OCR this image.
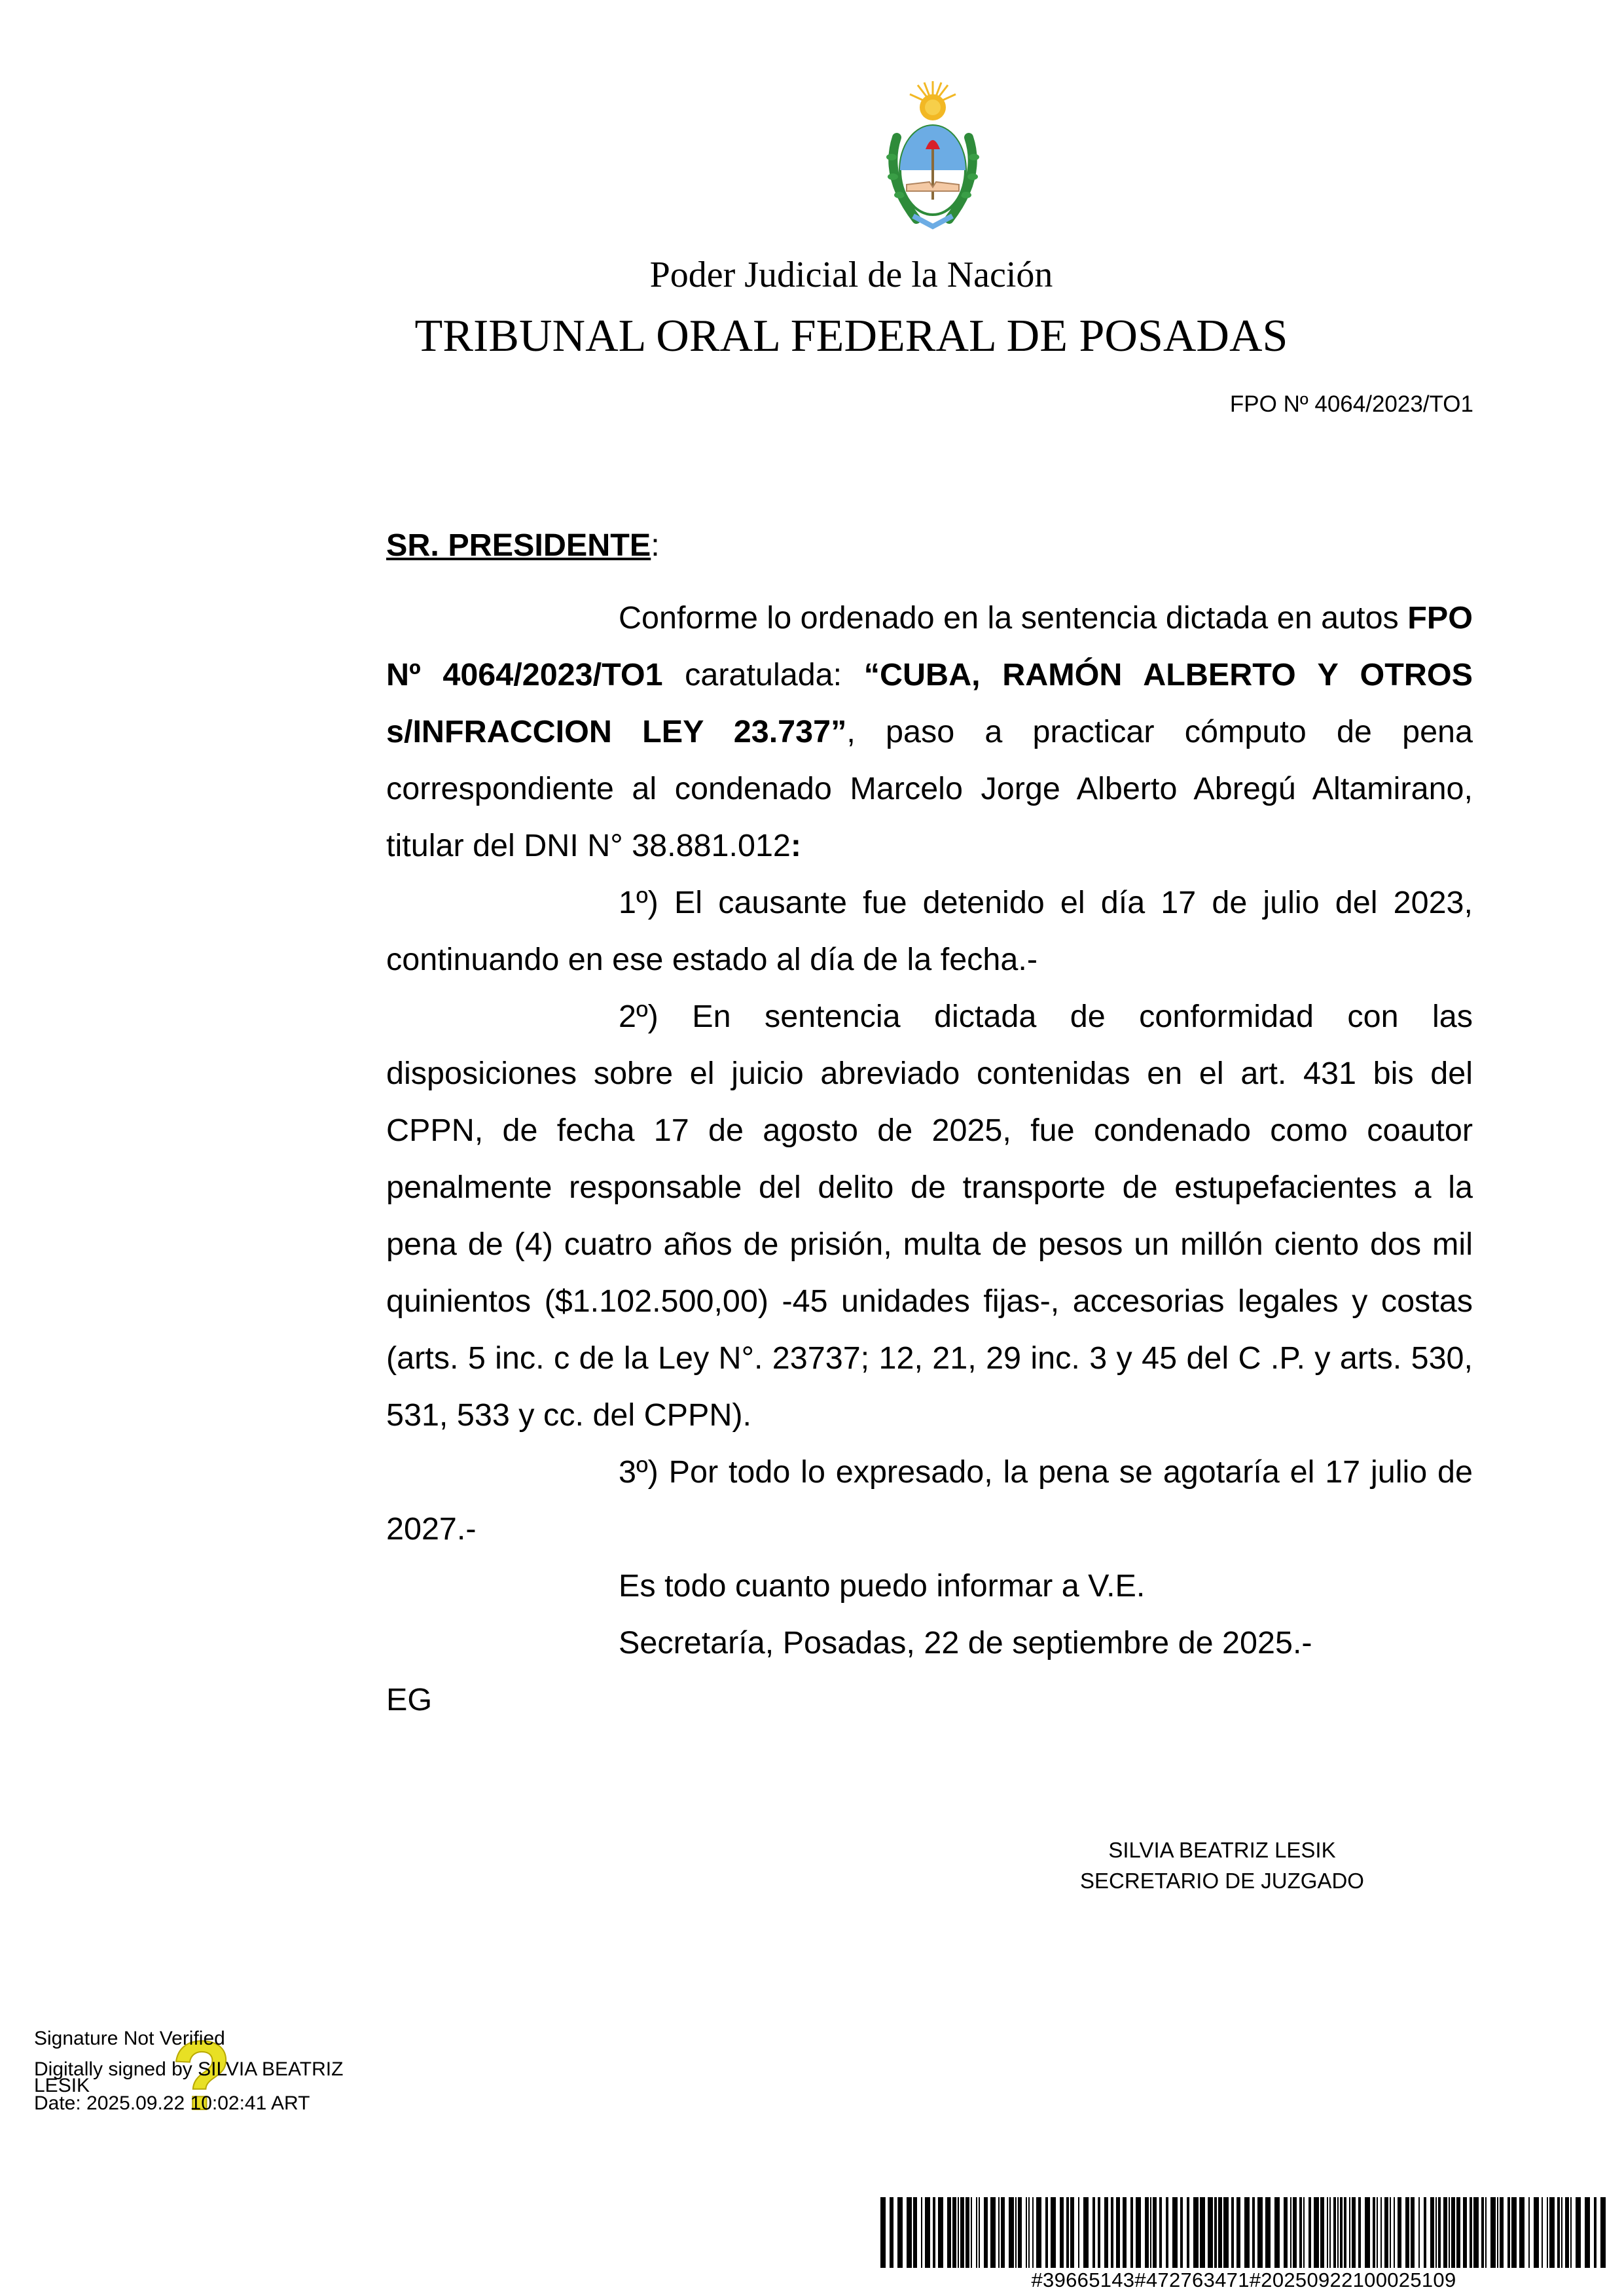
Poder Judicial de la Nación
TRIBUNAL ORAL FEDERAL DE POSADAS
FPO Nº 4064/2023/TO1

SR. PRESIDENTE:

Conforme lo ordenado en la sentencia dictada en autos FPO Nº 4064/2023/TO1 caratulada: “CUBA, RAMÓN ALBERTO Y OTROS s/INFRACCION LEY 23.737”, paso a practicar cómputo de pena correspondiente al condenado Marcelo Jorge Alberto Abregú Altamirano, titular del DNI N° 38.881.012:

1º) El causante fue detenido el día 17 de julio del 2023, continuando en ese estado al día de la fecha.-

2º) En sentencia dictada de conformidad con las disposiciones sobre el juicio abreviado contenidas en el art. 431 bis del CPPN, de fecha 17 de agosto de 2025, fue condenado como coautor penalmente responsable del delito de transporte de estupefacientes a la pena de (4) cuatro años de prisión, multa de pesos un millón ciento dos mil quinientos ($1.102.500,00) -45 unidades fijas-, accesorias legales y costas (arts. 5 inc. c de la Ley N°. 23737; 12, 21, 29 inc. 3 y 45 del C .P. y arts. 530, 531, 533 y cc. del CPPN).

3º) Por todo lo expresado, la pena se agotaría el 17 julio de 2027.-

Es todo cuanto puedo informar a V.E.

Secretaría, Posadas, 22 de septiembre de 2025.-

EG

SILVIA BEATRIZ LESIK
SECRETARIO DE JUZGADO
?
Signature Not Verified
Digitally signed by SILVIA BEATRIZ
LESIK
Date: 2025.09.22 10:02:41 ART
#39665143#472763471#20250922100025109
